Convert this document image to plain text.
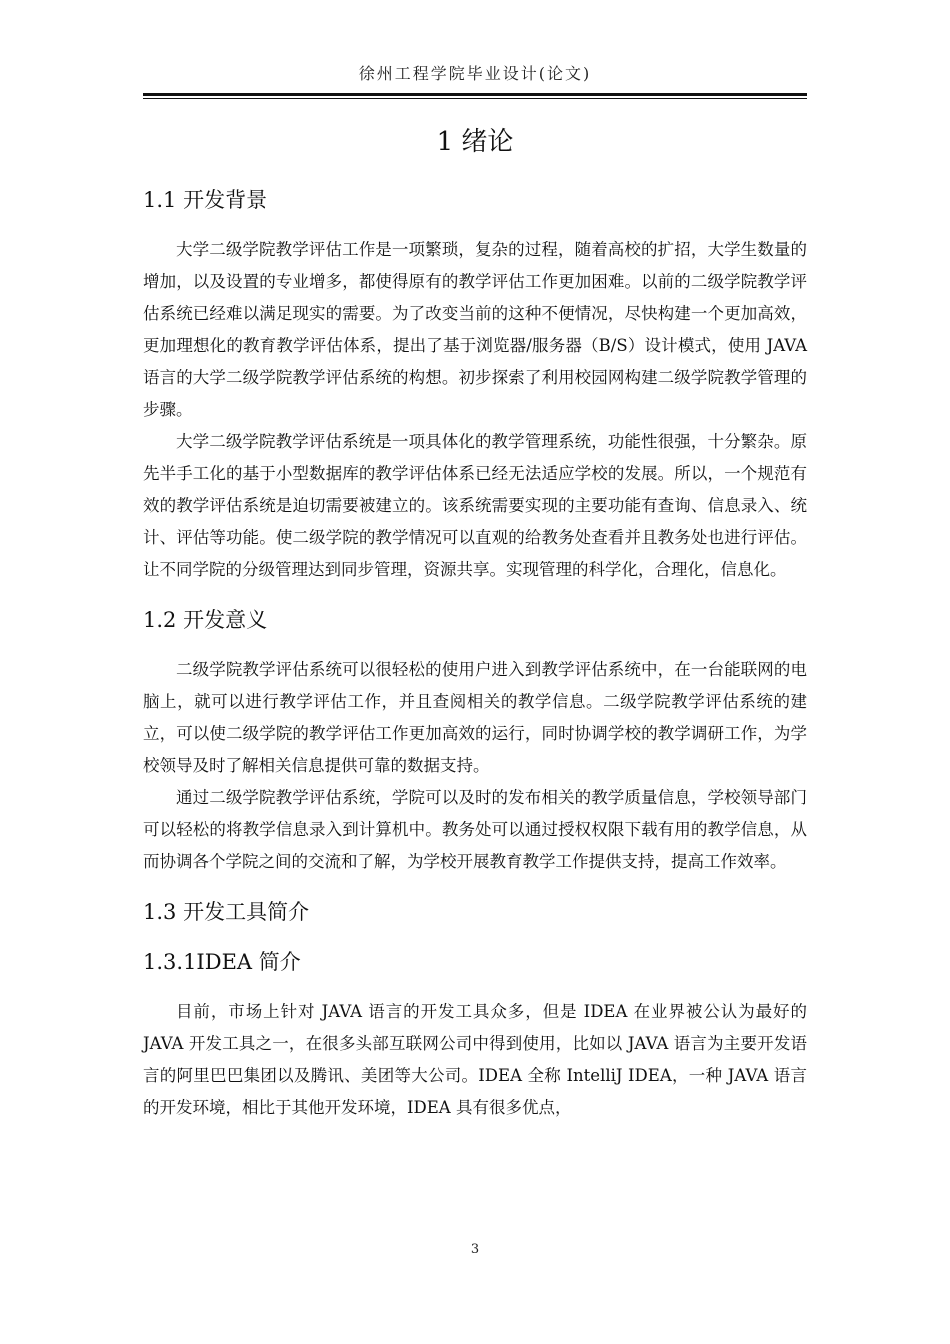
徐州工程学院毕业设计(论文)
1 绪论
1.1 开发背景

大学二级学院教学评估工作是一项繁琐，复杂的过程，随着高校的扩招，大学生数量的增加，以及设置的专业增多，都使得原有的教学评估工作更加困难。以前的二级学院教学评估系统已经难以满足现实的需要。为了改变当前的这种不便情况，尽快构建一个更加高效，更加理想化的教育教学评估体系，提出了基于浏览器/服务器（B/S）设计模式，使用 JAVA 语言的大学二级学院教学评估系统的构想。初步探索了利用校园网构建二级学院教学管理的步骤。

大学二级学院教学评估系统是一项具体化的教学管理系统，功能性很强，十分繁杂。原先半手工化的基于小型数据库的教学评估体系已经无法适应学校的发展。所以，一个规范有效的教学评估系统是迫切需要被建立的。该系统需要实现的主要功能有查询、信息录入、统计、评估等功能。使二级学院的教学情况可以直观的给教务处查看并且教务处也进行评估。让不同学院的分级管理达到同步管理，资源共享。实现管理的科学化，合理化，信息化。

1.2 开发意义

二级学院教学评估系统可以很轻松的使用户进入到教学评估系统中，在一台能联网的电脑上，就可以进行教学评估工作，并且查阅相关的教学信息。二级学院教学评估系统的建立，可以使二级学院的教学评估工作更加高效的运行，同时协调学校的教学调研工作，为学校领导及时了解相关信息提供可靠的数据支持。

通过二级学院教学评估系统，学院可以及时的发布相关的教学质量信息，学校领导部门可以轻松的将教学信息录入到计算机中。教务处可以通过授权权限下载有用的教学信息，从而协调各个学院之间的交流和了解，为学校开展教育教学工作提供支持，提高工作效率。

1.3 开发工具简介
1.3.1IDEA 简介

目前，市场上针对 JAVA 语言的开发工具众多，但是 IDEA 在业界被公认为最好的 JAVA 开发工具之一，在很多头部互联网公司中得到使用，比如以 JAVA 语言为主要开发语言的阿里巴巴集团以及腾讯、美团等大公司。IDEA 全称 IntelliJ IDEA，一种 JAVA 语言的开发环境，相比于其他开发环境，IDEA 具有很多优点，

3
